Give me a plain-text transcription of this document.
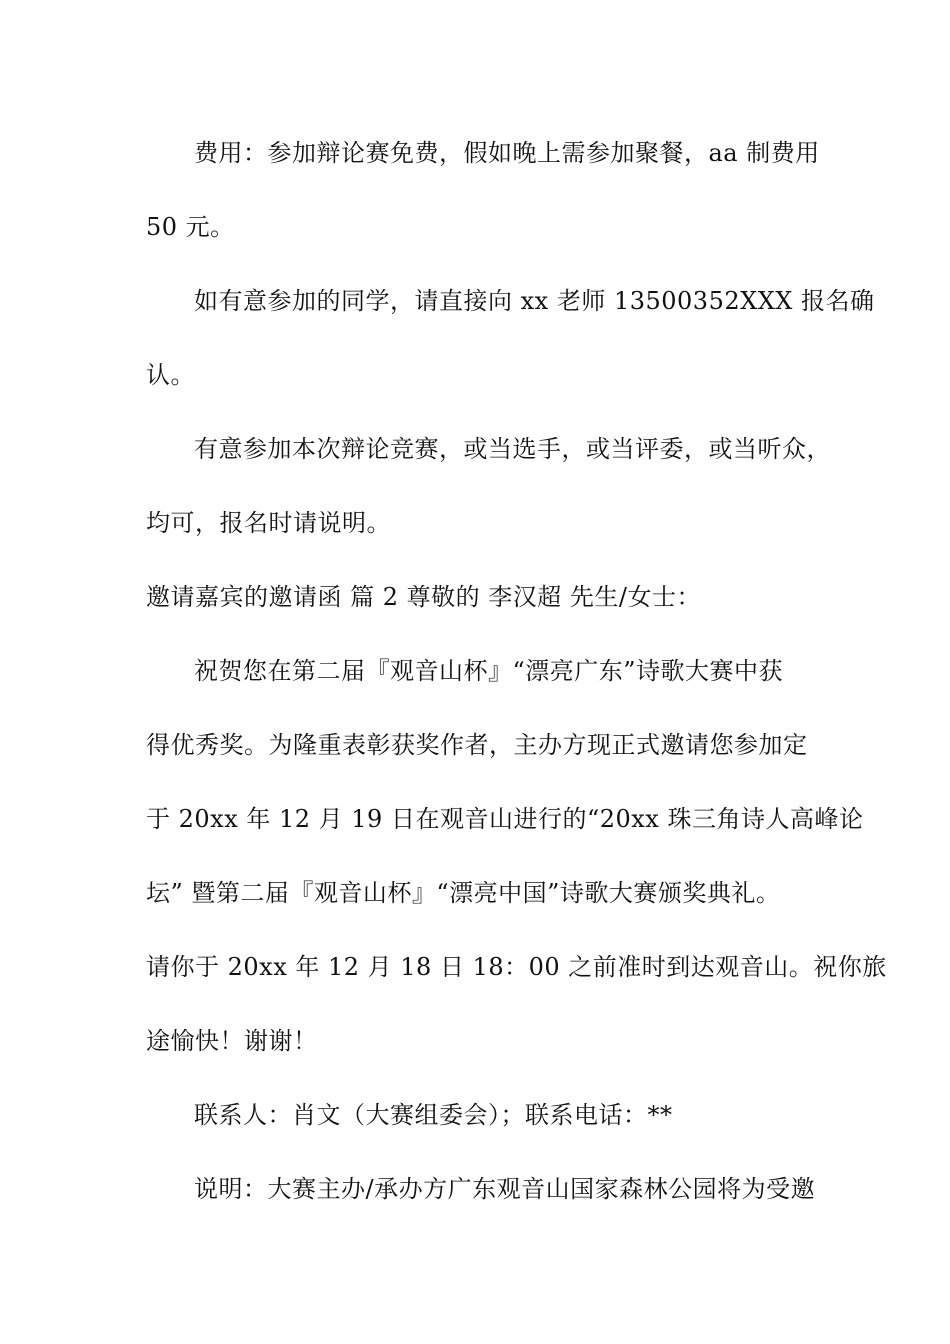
费用：参加辩论赛免费，假如晚上需参加聚餐，aa 制费用
50 元。
如有意参加的同学，请直接向 xx 老师 13500352XXX 报名确
认。
有意参加本次辩论竞赛，或当选手，或当评委，或当听众，
均可，报名时请说明。
邀请嘉宾的邀请函 篇 2 尊敬的 李汉超 先生/女士：
祝贺您在第二届『观音山杯』“漂亮广东”诗歌大赛中获
得优秀奖。为隆重表彰获奖作者，主办方现正式邀请您参加定
于 20xx 年 12 月 19 日在观音山进行的“20xx 珠三角诗人高峰论
坛” 暨第二届『观音山杯』“漂亮中国”诗歌大赛颁奖典礼。
请你于 20xx 年 12 月 18 日 18：00 之前准时到达观音山。祝你旅
途愉快！谢谢！
联系人：肖文（大赛组委会）；联系电话：**
说明：大赛主办/承办方广东观音山国家森林公园将为受邀
